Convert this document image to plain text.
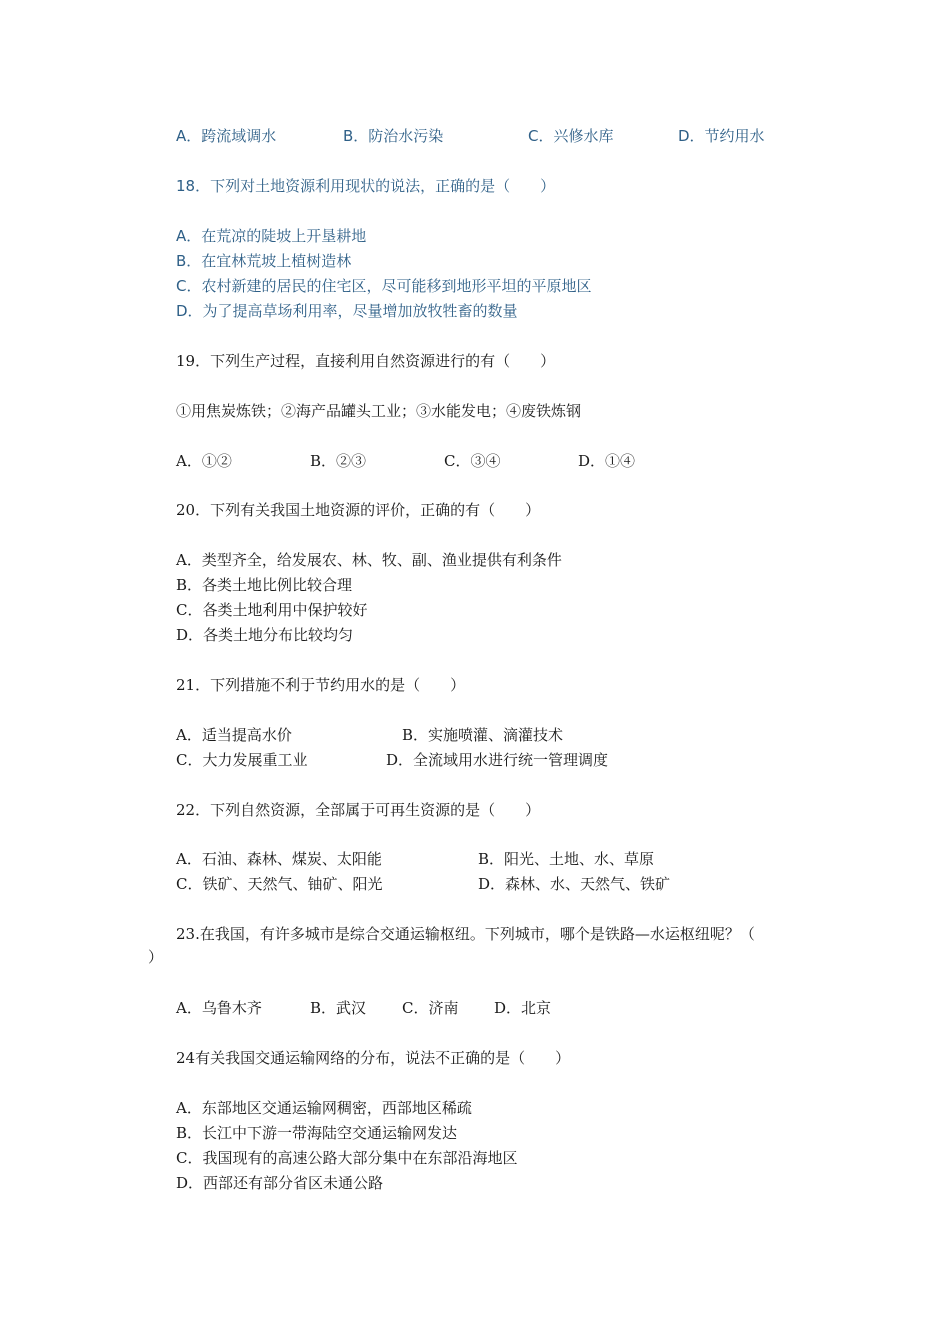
A．跨流域调水	B．防治水污染	C．兴修水库	D．节约用水
18．下列对土地资源利用现状的说法，正确的是（　　）
A．在荒凉的陡坡上开垦耕地
B．在宜林荒坡上植树造林
C．农村新建的居民的住宅区，尽可能移到地形平坦的平原地区
D．为了提高草场利用率，尽量增加放牧牲畜的数量
19．下列生产过程，直接利用自然资源进行的有（　　）
①用焦炭炼铁；②海产品罐头工业；③水能发电；④废铁炼钢
A．①②	B．②③	C．③④	D．①④
20．下列有关我国土地资源的评价，正确的有（　　）
A．类型齐全，给发展农、林、牧、副、渔业提供有利条件
B．各类土地比例比较合理
C．各类土地利用中保护较好
D．各类土地分布比较均匀
21．下列措施不利于节约用水的是（　　）
A．适当提高水价	B．实施喷灌、滴灌技术
C．大力发展重工业	D．全流域用水进行统一管理调度
22．下列自然资源，全部属于可再生资源的是（　　）
A．石油、森林、煤炭、太阳能	B．阳光、土地、水、草原
C．铁矿、天然气、铀矿、阳光	D．森林、水、天然气、铁矿
23.在我国，有许多城市是综合交通运输枢纽。下列城市，哪个是铁路—水运枢纽呢？（
）
A．乌鲁木齐	B．武汉 C．济南 D．北京
24有关我国交通运输网络的分布，说法不正确的是（　　）
A．东部地区交通运输网稠密，西部地区稀疏
B．长江中下游一带海陆空交通运输网发达
C．我国现有的高速公路大部分集中在东部沿海地区
D．西部还有部分省区未通公路
